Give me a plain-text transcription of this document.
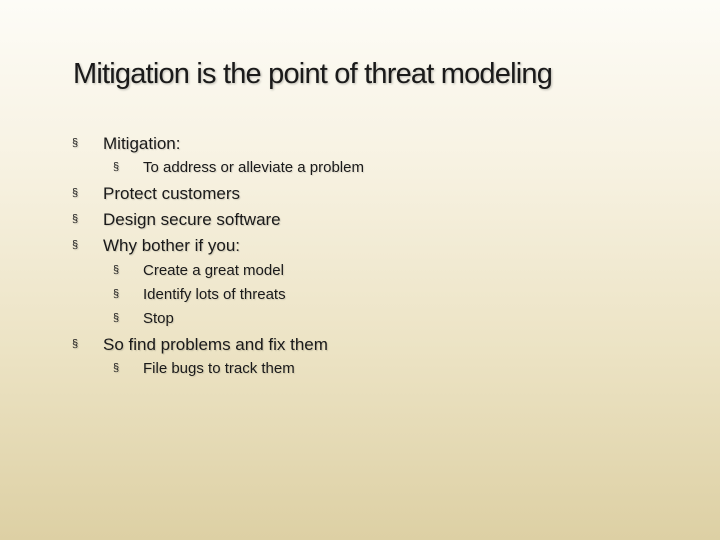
Mitigation is the point of threat modeling
§ Mitigation:
§ To address or alleviate a problem
§ Protect customers
§ Design secure software
§ Why bother if you:
§ Create a great model
§ Identify lots of threats
§ Stop
§ So find problems and fix them
§ File bugs to track them
